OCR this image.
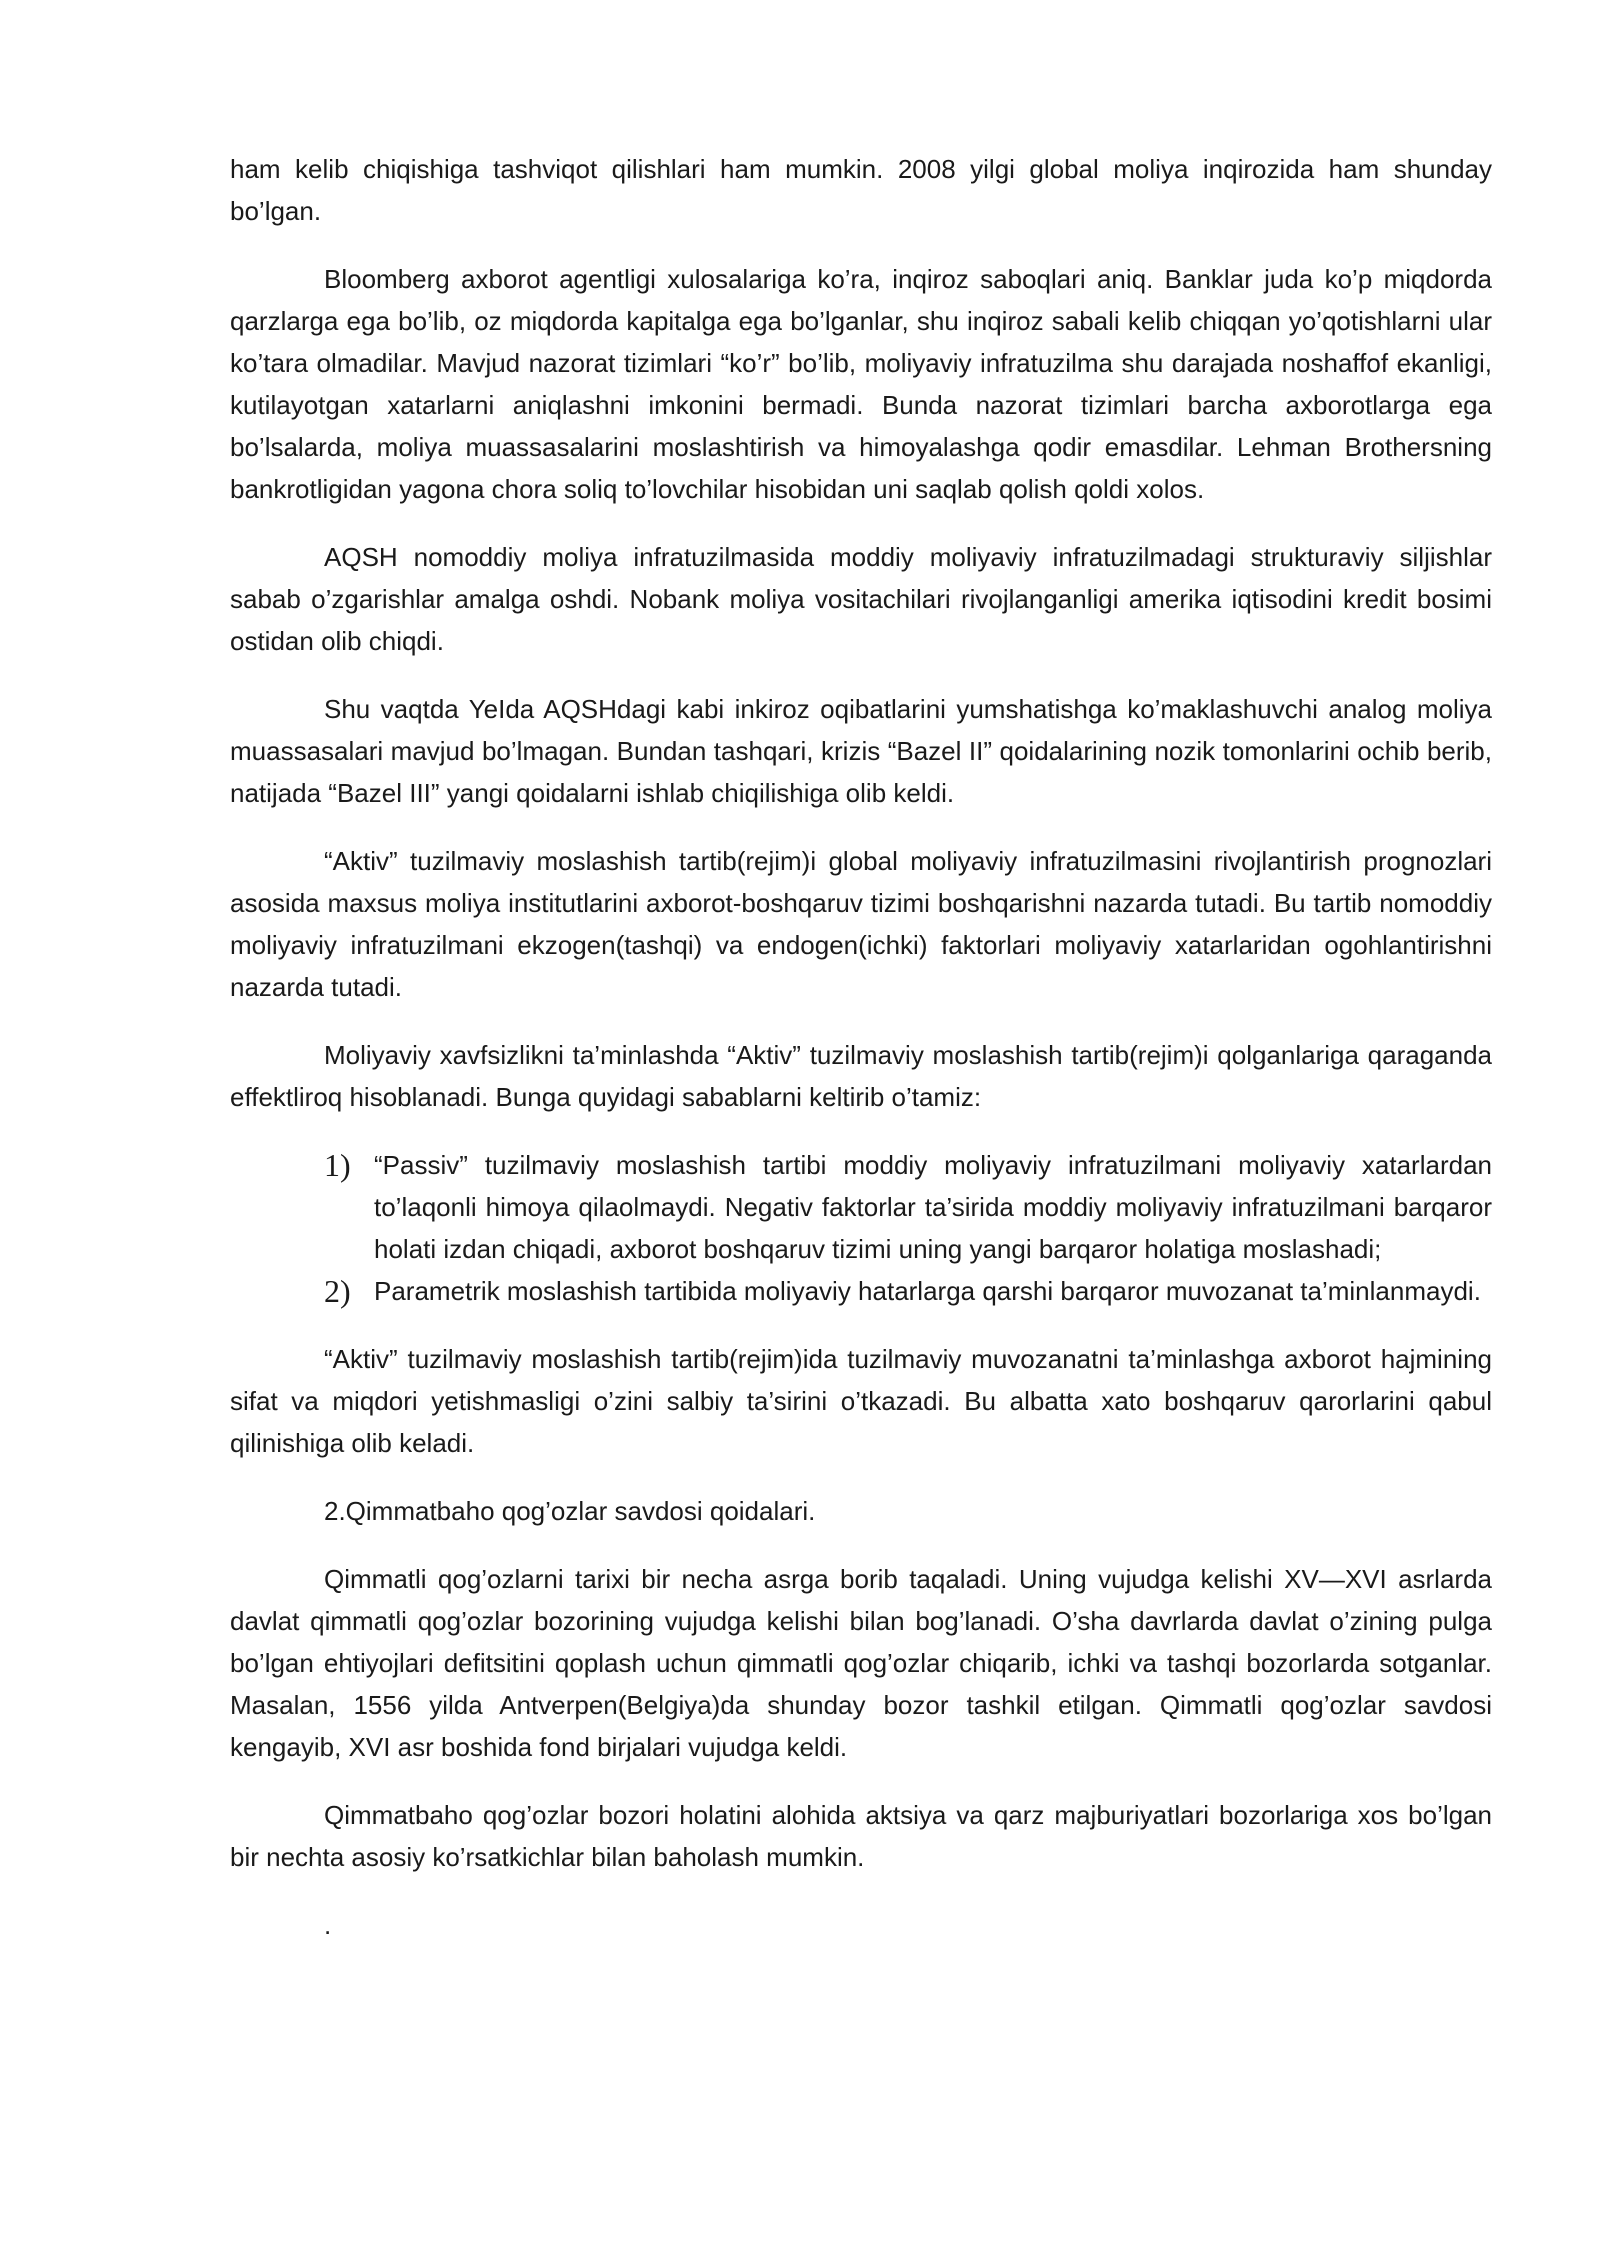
ham kelib chiqishiga tashviqot qilishlari ham mumkin. 2008 yilgi global moliya inqirozida ham shunday bo’lgan.

Bloomberg axborot agentligi xulosalariga ko’ra, inqiroz saboqlari aniq. Banklar juda ko’p miqdorda qarzlarga ega bo’lib, oz miqdorda kapitalga ega bo’lganlar, shu inqiroz sabali kelib chiqqan yo’qotishlarni ular ko’tara olmadilar. Mavjud nazorat tizimlari “ko’r” bo’lib, moliyaviy infratuzilma shu darajada noshaffof ekanligi, kutilayotgan xatarlarni aniqlashni imkonini bermadi. Bunda nazorat tizimlari barcha axborotlarga ega bo’lsalarda, moliya muassasalarini moslashtirish va himoyalashga qodir emasdilar. Lehman Brothersning bankrotligidan yagona chora soliq to’lovchilar hisobidan uni saqlab qolish qoldi xolos.

AQSH nomoddiy moliya infratuzilmasida moddiy moliyaviy infratuzilmadagi strukturaviy siljishlar sabab o’zgarishlar amalga oshdi. Nobank moliya vositachilari rivojlanganligi amerika iqtisodini kredit bosimi ostidan olib chiqdi.

Shu vaqtda YeIda AQSHdagi kabi inkiroz oqibatlarini yumshatishga ko’maklashuvchi analog moliya muassasalari mavjud bo’lmagan. Bundan tashqari, krizis “Bazel II” qoidalarining nozik tomonlarini ochib berib, natijada “Bazel III” yangi qoidalarni ishlab chiqilishiga olib keldi.

“Aktiv” tuzilmaviy moslashish tartib(rejim)i global moliyaviy infratuzilmasini rivojlantirish prognozlari asosida maxsus moliya institutlarini axborot-boshqaruv tizimi boshqarishni nazarda tutadi. Bu tartib nomoddiy moliyaviy infratuzilmani ekzogen(tashqi) va endogen(ichki) faktorlari moliyaviy xatarlaridan ogohlantirishni nazarda tutadi.

Moliyaviy xavfsizlikni ta’minlashda “Aktiv” tuzilmaviy moslashish tartib(rejim)i qolganlariga qaraganda effektliroq hisoblanadi. Bunga quyidagi sabablarni keltirib o’tamiz:

1) “Passiv” tuzilmaviy moslashish tartibi moddiy moliyaviy infratuzilmani moliyaviy xatarlardan to’laqonli himoya qilaolmaydi. Negativ faktorlar ta’sirida moddiy moliyaviy infratuzilmani barqaror holati izdan chiqadi, axborot boshqaruv tizimi uning yangi barqaror holatiga moslashadi;
2) Parametrik moslashish tartibida moliyaviy hatarlarga qarshi barqaror muvozanat ta’minlanmaydi.

“Aktiv” tuzilmaviy moslashish tartib(rejim)ida tuzilmaviy muvozanatni ta’minlashga axborot hajmining sifat va miqdori yetishmasligi o’zini salbiy ta’sirini o’tkazadi. Bu albatta xato boshqaruv qarorlarini qabul qilinishiga olib keladi.

2.Qimmatbaho qog’ozlar savdosi qoidalari.

Qimmatli qog’ozlarni tarixi bir necha asrga borib taqaladi. Uning vujudga kelishi XV—XVI asrlarda davlat qimmatli qog’ozlar bozorining vujudga kelishi bilan bog’lanadi. O’sha davrlarda davlat o’zining pulga bo’lgan ehtiyojlari defitsitini qoplash uchun qimmatli qog’ozlar chiqarib, ichki va tashqi bozorlarda sotganlar. Masalan, 1556 yilda Antverpen(Belgiya)da shunday bozor tashkil etilgan. Qimmatli qog’ozlar savdosi kengayib, XVI asr boshida fond birjalari vujudga keldi.

Qimmatbaho qog’ozlar bozori holatini alohida aktsiya va qarz majburiyatlari bozorlariga xos bo’lgan bir nechta asosiy ko’rsatkichlar bilan baholash mumkin.

.
